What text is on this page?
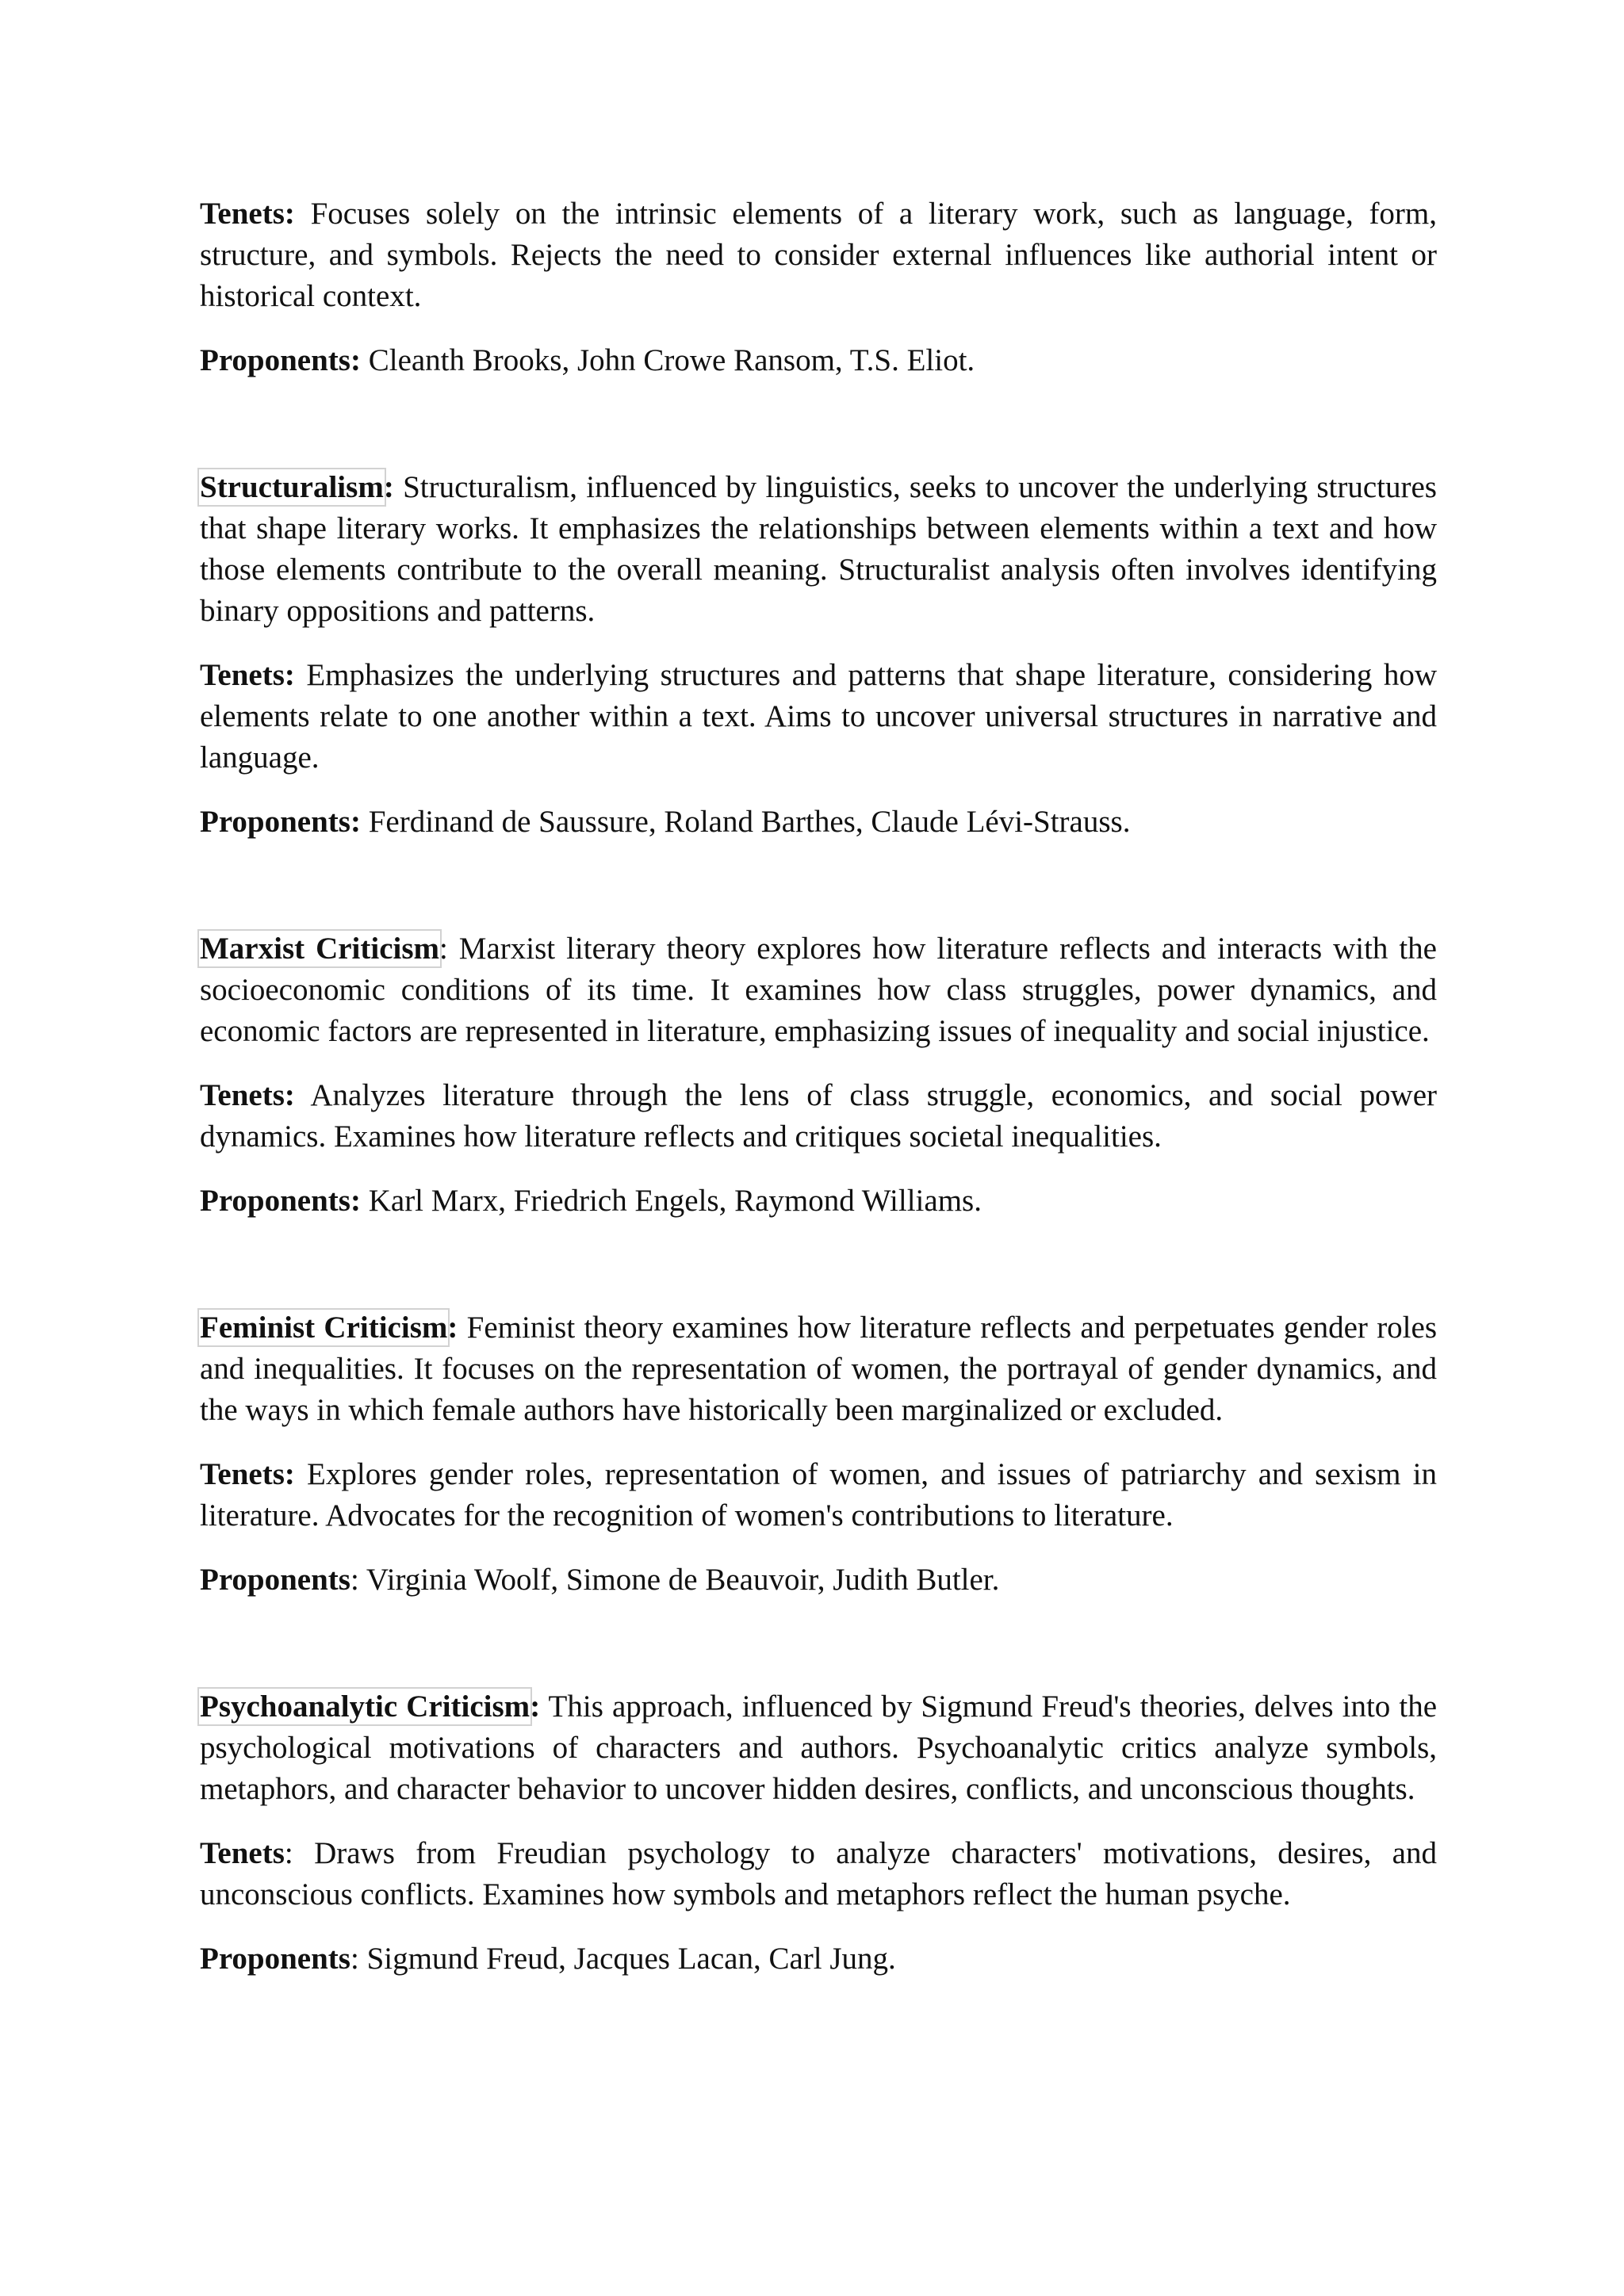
Tenets: Focuses solely on the intrinsic elements of a literary work, such as language, form, structure, and symbols. Rejects the need to consider external influences like authorial intent or historical context.

Proponents: Cleanth Brooks, John Crowe Ransom, T.S. Eliot.

Structuralism: Structuralism, influenced by linguistics, seeks to uncover the underlying structures that shape literary works. It emphasizes the relationships between elements within a text and how those elements contribute to the overall meaning. Structuralist analysis often involves identifying binary oppositions and patterns.

Tenets: Emphasizes the underlying structures and patterns that shape literature, considering how elements relate to one another within a text. Aims to uncover universal structures in narrative and language.

Proponents: Ferdinand de Saussure, Roland Barthes, Claude Lévi-Strauss.

Marxist Criticism: Marxist literary theory explores how literature reflects and interacts with the socioeconomic conditions of its time. It examines how class struggles, power dynamics, and economic factors are represented in literature, emphasizing issues of inequality and social injustice.

Tenets: Analyzes literature through the lens of class struggle, economics, and social power dynamics. Examines how literature reflects and critiques societal inequalities.

Proponents: Karl Marx, Friedrich Engels, Raymond Williams.

Feminist Criticism: Feminist theory examines how literature reflects and perpetuates gender roles and inequalities. It focuses on the representation of women, the portrayal of gender dynamics, and the ways in which female authors have historically been marginalized or excluded.

Tenets: Explores gender roles, representation of women, and issues of patriarchy and sexism in literature. Advocates for the recognition of women's contributions to literature.

Proponents: Virginia Woolf, Simone de Beauvoir, Judith Butler.

Psychoanalytic Criticism: This approach, influenced by Sigmund Freud's theories, delves into the psychological motivations of characters and authors. Psychoanalytic critics analyze symbols, metaphors, and character behavior to uncover hidden desires, conflicts, and unconscious thoughts.

Tenets: Draws from Freudian psychology to analyze characters' motivations, desires, and unconscious conflicts. Examines how symbols and metaphors reflect the human psyche.

Proponents: Sigmund Freud, Jacques Lacan, Carl Jung.
